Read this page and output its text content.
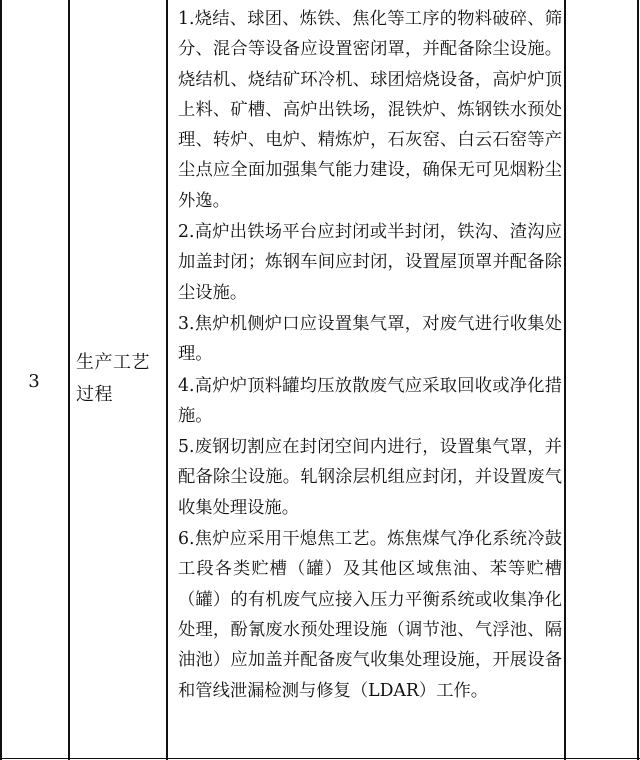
3
生产工艺过程
1.烧结、球团、炼铁、焦化等工序的物料破碎、筛分、混合等设备应设置密闭罩，并配备除尘设施。烧结机、烧结矿环冷机、球团焙烧设备，高炉炉顶上料、矿槽、高炉出铁场，混铁炉、炼钢铁水预处理、转炉、电炉、精炼炉，石灰窑、白云石窑等产尘点应全面加强集气能力建设，确保无可见烟粉尘外逸。
2.高炉出铁场平台应封闭或半封闭，铁沟、渣沟应加盖封闭；炼钢车间应封闭，设置屋顶罩并配备除尘设施。
3.焦炉机侧炉口应设置集气罩，对废气进行收集处理。
4.高炉炉顶料罐均压放散废气应采取回收或净化措施。
5.废钢切割应在封闭空间内进行，设置集气罩，并配备除尘设施。轧钢涂层机组应封闭，并设置废气收集处理设施。
6.焦炉应采用干熄焦工艺。炼焦煤气净化系统冷鼓工段各类贮槽（罐）及其他区域焦油、苯等贮槽（罐）的有机废气应接入压力平衡系统或收集净化处理，酚氰废水预处理设施（调节池、气浮池、隔油池）应加盖并配备废气收集处理设施，开展设备和管线泄漏检测与修复（LDAR）工作。
